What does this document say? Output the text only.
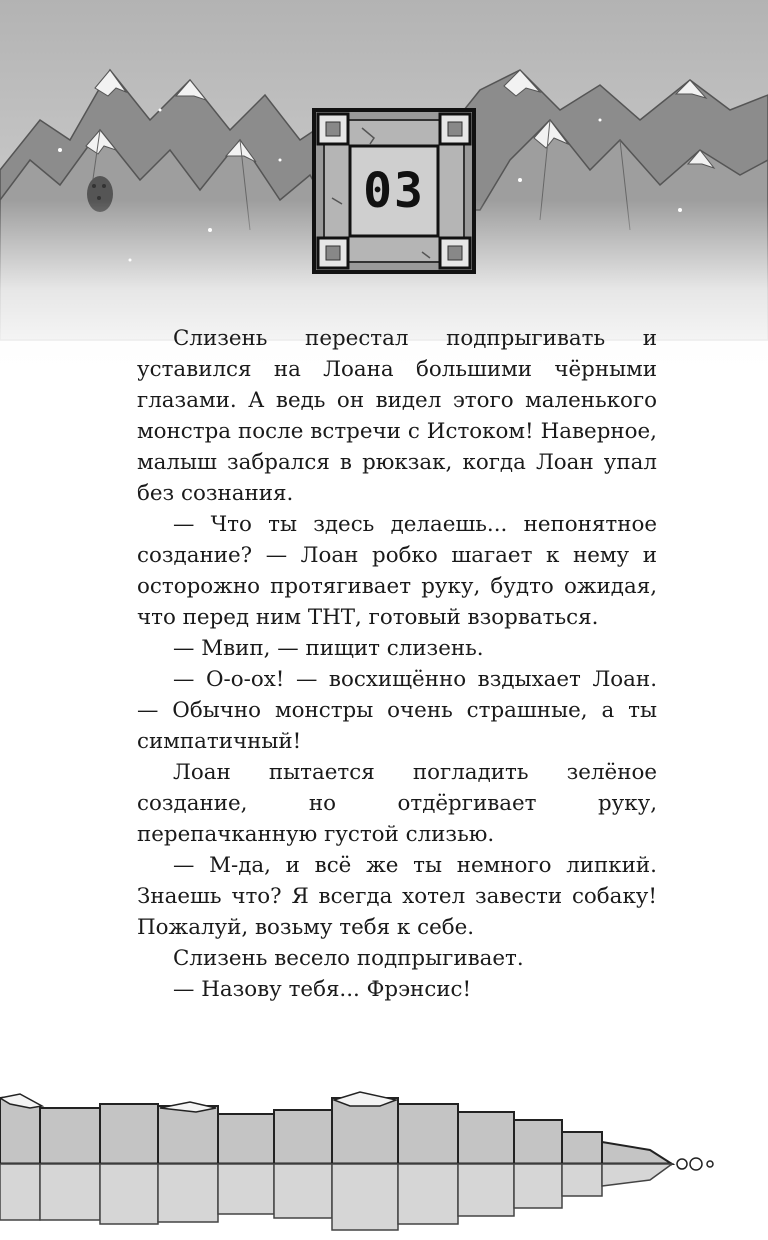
03

Слизень перестал подпрыгивать и уставился на Лоана большими чёрными глазами. А ведь он видел этого маленького монстра после встречи с Истоком! Наверное, малыш забрался в рюкзак, когда Лоан упал без сознания.

— Что ты здесь делаешь... непонятное создание? — Лоан робко шагает к нему и осторожно протягивает руку, будто ожидая, что перед ним ТНТ, готовый взорваться.

— Мвип, — пищит слизень.

— О-о-ох! — восхищённо вздыхает Лоан. — Обычно монстры очень страшные, а ты симпатичный!

Лоан пытается погладить зелёное создание, но отдёргивает руку, перепачканную густой слизью.

— М-да, и всё же ты немного липкий. Знаешь что? Я всегда хотел завести собаку! Пожалуй, возьму тебя к себе.

Слизень весело подпрыгивает.

— Назову тебя... Фрэнсис!
